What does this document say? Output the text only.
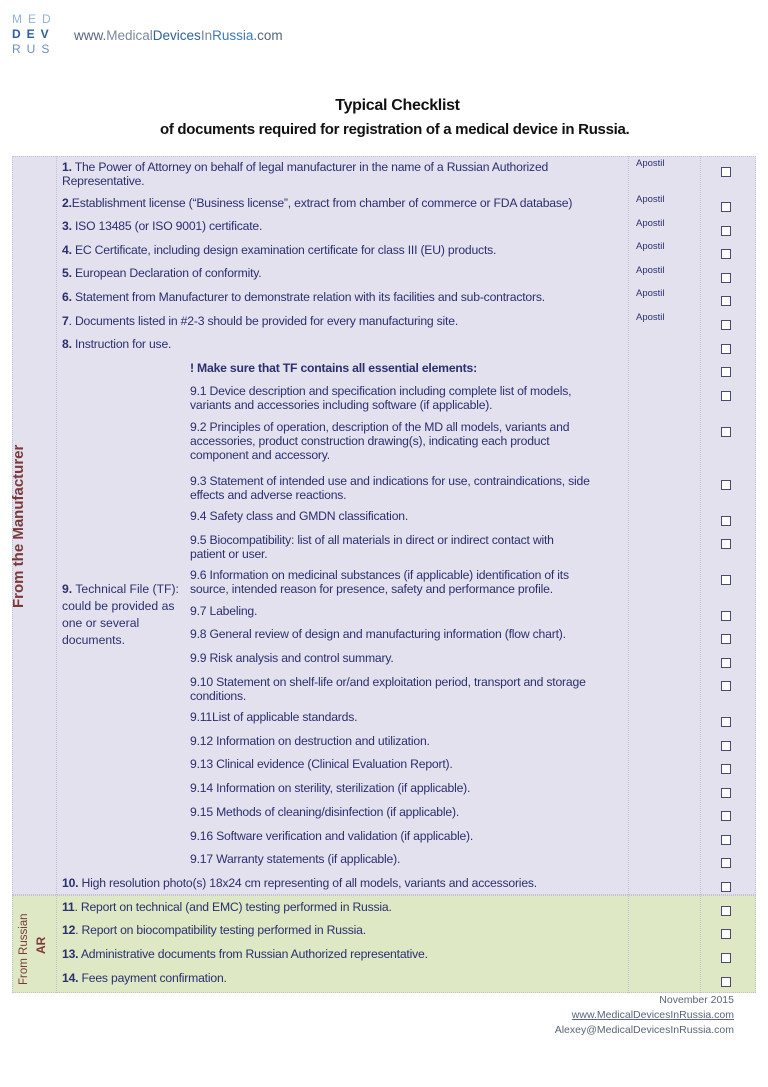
MED
DEV
RUS
www.MedicalDevicesInRussia.com
Typical Checklist
of documents required for registration of a medical device in Russia.
From the Manufacturer
From Russian AR
1. The Power of Attorney on behalf of legal manufacturer in the name of a Russian Authorized
Representative.
Apostil
2.Establishment license (“Business license”, extract from chamber of commerce or FDA database)	Apostil
3. ISO 13485 (or ISO 9001) certificate.	Apostil
4. EC Certificate, including design examination certificate for class III (EU) products.	Apostil
5. European Declaration of conformity.	Apostil
6. Statement from Manufacturer to demonstrate relation with its facilities and sub-contractors.	Apostil
7. Documents listed in #2-3 should be provided for every manufacturing site.	Apostil
8. Instruction for use.
9. Technical File (TF): could be provided as one or several documents.
! Make sure that TF contains all essential elements:
9.1 Device description and specification including complete list of models,
variants and accessories including software (if applicable).
9.2 Principles of operation, description of the MD all models, variants and
accessories, product construction drawing(s), indicating each product
component and accessory.
9.3 Statement of intended use and indications for use, contraindications, side
effects and adverse reactions.
9.4 Safety class and GMDN classification.
9.5 Biocompatibility: list of all materials in direct or indirect contact with
patient or user.
9.6 Information on medicinal substances (if applicable) identification of its
source, intended reason for presence, safety and performance profile.
9.7 Labeling.
9.8 General review of design and manufacturing information (flow chart).
9.9 Risk analysis and control summary.
9.10 Statement on shelf-life or/and exploitation period, transport and storage
conditions.
9.11List of applicable standards.
9.12 Information on destruction and utilization.
9.13 Clinical evidence (Clinical Evaluation Report).
9.14 Information on sterility, sterilization (if applicable).
9.15 Methods of cleaning/disinfection (if applicable).
9.16 Software verification and validation (if applicable).
9.17 Warranty statements (if applicable).
10. High resolution photo(s) 18x24 cm representing of all models, variants and accessories.
11. Report on technical (and EMC) testing performed in Russia.
12. Report on biocompatibility testing performed in Russia.
13. Administrative documents from Russian Authorized representative.
14. Fees payment confirmation.
November 2015
www.MedicalDevicesInRussia.com
Alexey@MedicalDevicesInRussia.com
